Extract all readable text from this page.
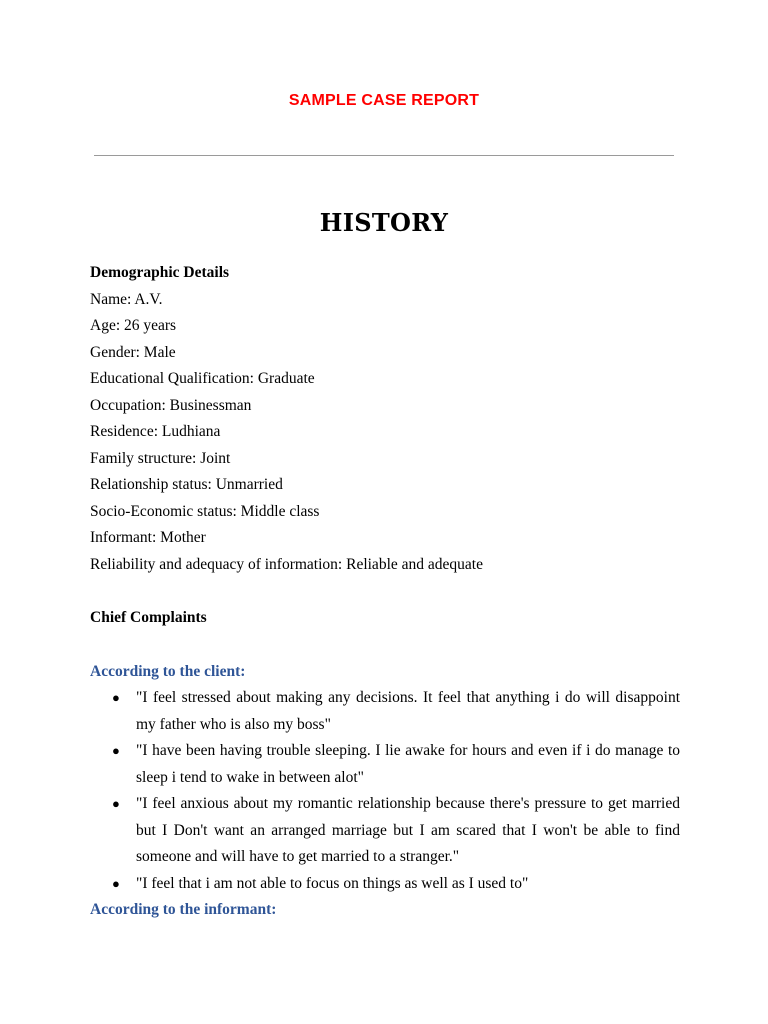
SAMPLE CASE REPORT
HISTORY
Demographic Details
Name: A.V.
Age: 26 years
Gender: Male
Educational Qualification: Graduate
Occupation: Businessman
Residence: Ludhiana
Family structure: Joint
Relationship status: Unmarried
Socio-Economic status: Middle class
Informant: Mother
Reliability and adequacy of information: Reliable and adequate
Chief Complaints
According to the client:
● "I feel stressed about making any decisions. It feel that anything i do will disappoint my father who is also my boss"
● "I have been having trouble sleeping. I lie awake for hours and even if i do manage to sleep i tend to wake in between alot"
● "I feel anxious about my romantic relationship because there's pressure to get married but I Don't want an arranged marriage but I am scared that I won't be able to find someone and will have to get married to a stranger."
● "I feel that i am not able to focus on things as well as I used to"
According to the informant:
